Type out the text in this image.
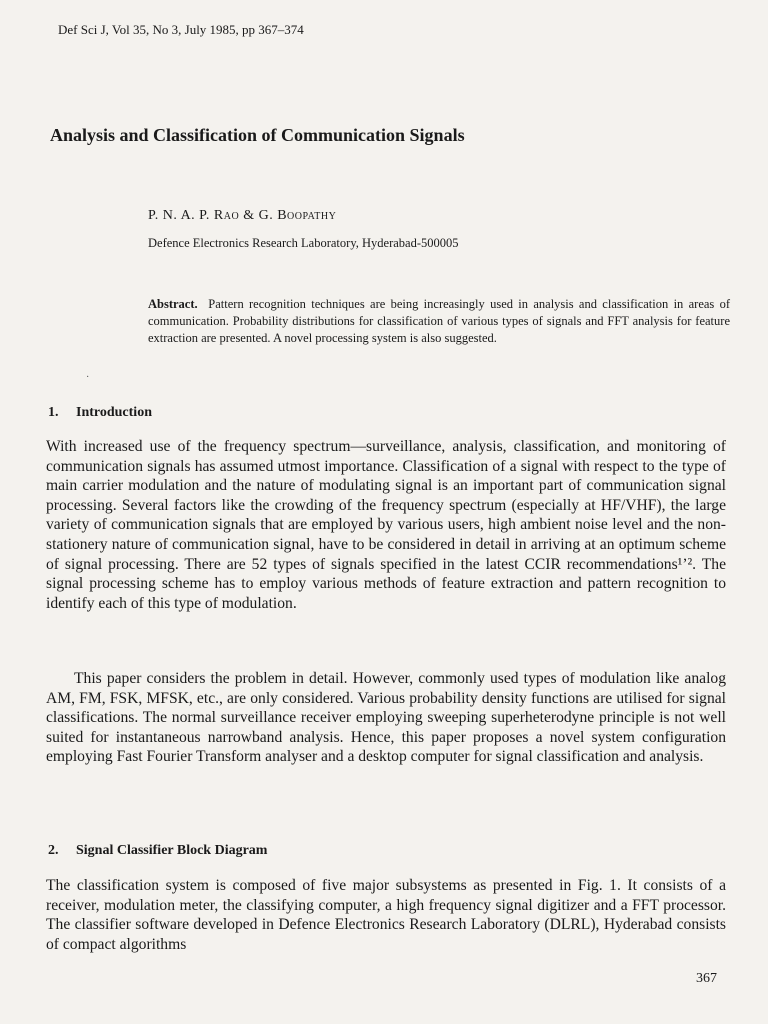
Def Sci J, Vol 35, No 3, July 1985, pp 367–374
Analysis and Classification of Communication Signals
P. N. A. P. Rao & G. Boopathy
Defence Electronics Research Laboratory, Hyderabad-500005

Abstract. Pattern recognition techniques are being increasingly used in analysis and classification in areas of communication. Probability distributions for classification of various types of signals and FFT analysis for feature extraction are presented. A novel processing system is also suggested.

·
1. Introduction

With increased use of the frequency spectrum—surveillance, analysis, classification, and monitoring of communication signals has assumed utmost importance. Classification of a signal with respect to the type of main carrier modulation and the nature of modulating signal is an important part of communication signal processing. Several factors like the crowding of the frequency spectrum (especially at HF/VHF), the large variety of communication signals that are employed by various users, high ambient noise level and the non-stationery nature of communication signal, have to be considered in detail in arriving at an optimum scheme of signal processing. There are 52 types of signals specified in the latest CCIR recommendations¹’². The signal processing scheme has to employ various methods of feature extraction and pattern recognition to identify each of this type of modulation.

This paper considers the problem in detail. However, commonly used types of modulation like analog AM, FM, FSK, MFSK, etc., are only considered. Various probability density functions are utilised for signal classifications. The normal surveillance receiver employing sweeping superheterodyne principle is not well suited for instantaneous narrowband analysis. Hence, this paper proposes a novel system configuration employing Fast Fourier Transform analyser and a desktop computer for signal classification and analysis.

2. Signal Classifier Block Diagram

The classification system is composed of five major subsystems as presented in Fig. 1. It consists of a receiver, modulation meter, the classifying computer, a high frequency signal digitizer and a FFT processor. The classifier software developed in Defence Electronics Research Laboratory (DLRL), Hyderabad consists of compact algorithms

367
